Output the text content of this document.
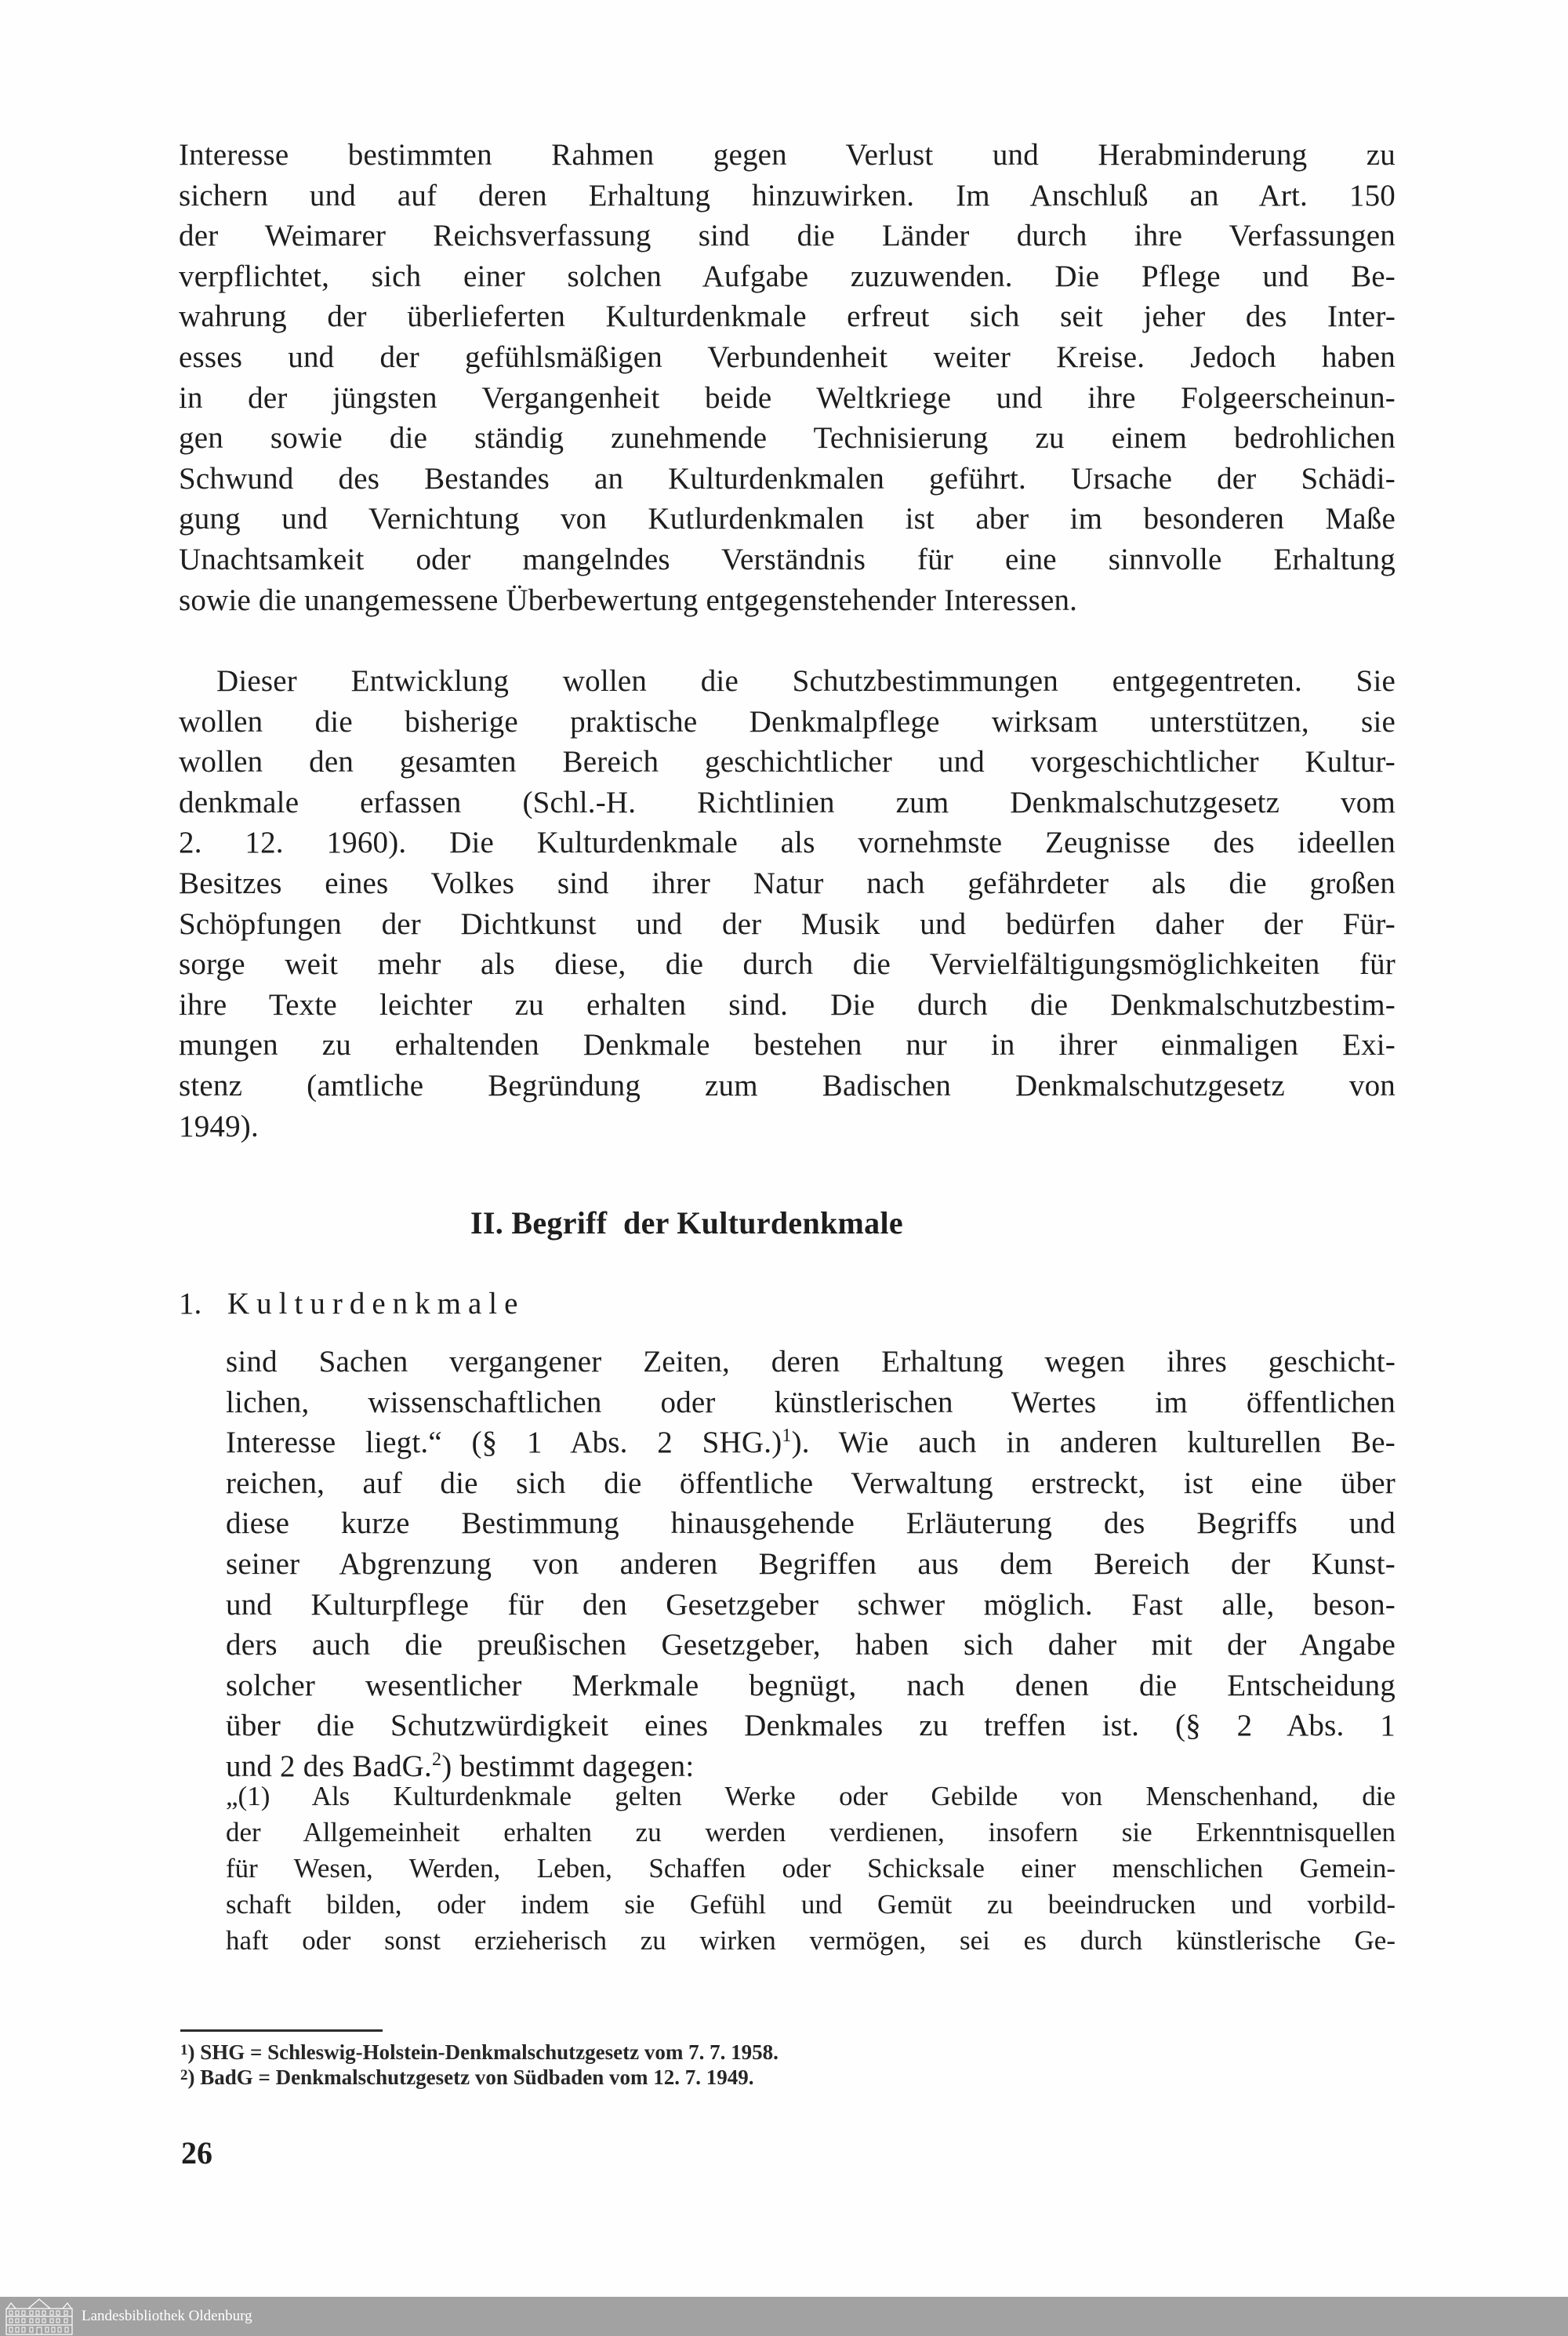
Interesse bestimmten Rahmen gegen Verlust und Herabminderung zu
sichern und auf deren Erhaltung hinzuwirken. Im Anschluß an Art. 150
der Weimarer Reichsverfassung sind die Länder durch ihre Verfassungen
verpflichtet, sich einer solchen Aufgabe zuzuwenden. Die Pflege und Be-
wahrung der überlieferten Kulturdenkmale erfreut sich seit jeher des Inter-
esses und der gefühlsmäßigen Verbundenheit weiter Kreise. Jedoch haben
in der jüngsten Vergangenheit beide Weltkriege und ihre Folgeerscheinun-
gen sowie die ständig zunehmende Technisierung zu einem bedrohlichen
Schwund des Bestandes an Kulturdenkmalen geführt. Ursache der Schädi-
gung und Vernichtung von Kutlurdenkmalen ist aber im besonderen Maße
Unachtsamkeit oder mangelndes Verständnis für eine sinnvolle Erhaltung
sowie die unangemessene Überbewertung entgegenstehender Interessen.
Dieser Entwicklung wollen die Schutzbestimmungen entgegentreten. Sie
wollen die bisherige praktische Denkmalpflege wirksam unterstützen, sie
wollen den gesamten Bereich geschichtlicher und vorgeschichtlicher Kultur-
denkmale erfassen (Schl.-H. Richtlinien zum Denkmalschutzgesetz vom
2. 12. 1960). Die Kulturdenkmale als vornehmste Zeugnisse des ideellen
Besitzes eines Volkes sind ihrer Natur nach gefährdeter als die großen
Schöpfungen der Dichtkunst und der Musik und bedürfen daher der Für-
sorge weit mehr als diese, die durch die Vervielfältigungsmöglichkeiten für
ihre Texte leichter zu erhalten sind. Die durch die Denkmalschutzbestim-
mungen zu erhaltenden Denkmale bestehen nur in ihrer einmaligen Exi-
stenz (amtliche Begründung zum Badischen Denkmalschutzgesetz von
1949).
II. Begriff  der Kulturdenkmale
1. Kulturdenkmale
sind Sachen vergangener Zeiten, deren Erhaltung wegen ihres geschicht-
lichen, wissenschaftlichen oder künstlerischen Wertes im öffentlichen
Interesse liegt.“ (§ 1 Abs. 2 SHG.)$^1$). Wie auch in anderen kulturellen Be-
reichen, auf die sich die öffentliche Verwaltung erstreckt, ist eine über
diese kurze Bestimmung hinausgehende Erläuterung des Begriffs und
seiner Abgrenzung von anderen Begriffen aus dem Bereich der Kunst-
und Kulturpflege für den Gesetzgeber schwer möglich. Fast alle, beson-
ders auch die preußischen Gesetzgeber, haben sich daher mit der Angabe
solcher wesentlicher Merkmale begnügt, nach denen die Entscheidung
über die Schutzwürdigkeit eines Denkmales zu treffen ist. (§ 2 Abs. 1
und 2 des BadG.$^2$) bestimmt dagegen:
„(1) Als Kulturdenkmale gelten Werke oder Gebilde von Menschenhand, die
der Allgemeinheit erhalten zu werden verdienen, insofern sie Erkenntnisquellen
für Wesen, Werden, Leben, Schaffen oder Schicksale einer menschlichen Gemein-
schaft bilden, oder indem sie Gefühl und Gemüt zu beeindrucken und vorbild-
haft oder sonst erzieherisch zu wirken vermögen, sei es durch künstlerische Ge-
$^1$) SHG = Schleswig-Holstein-Denkmalschutzgesetz vom 7. 7. 1958.
$^2$) BadG = Denkmalschutzgesetz von Südbaden vom 12. 7. 1949.
26
Landesbibliothek Oldenburg
